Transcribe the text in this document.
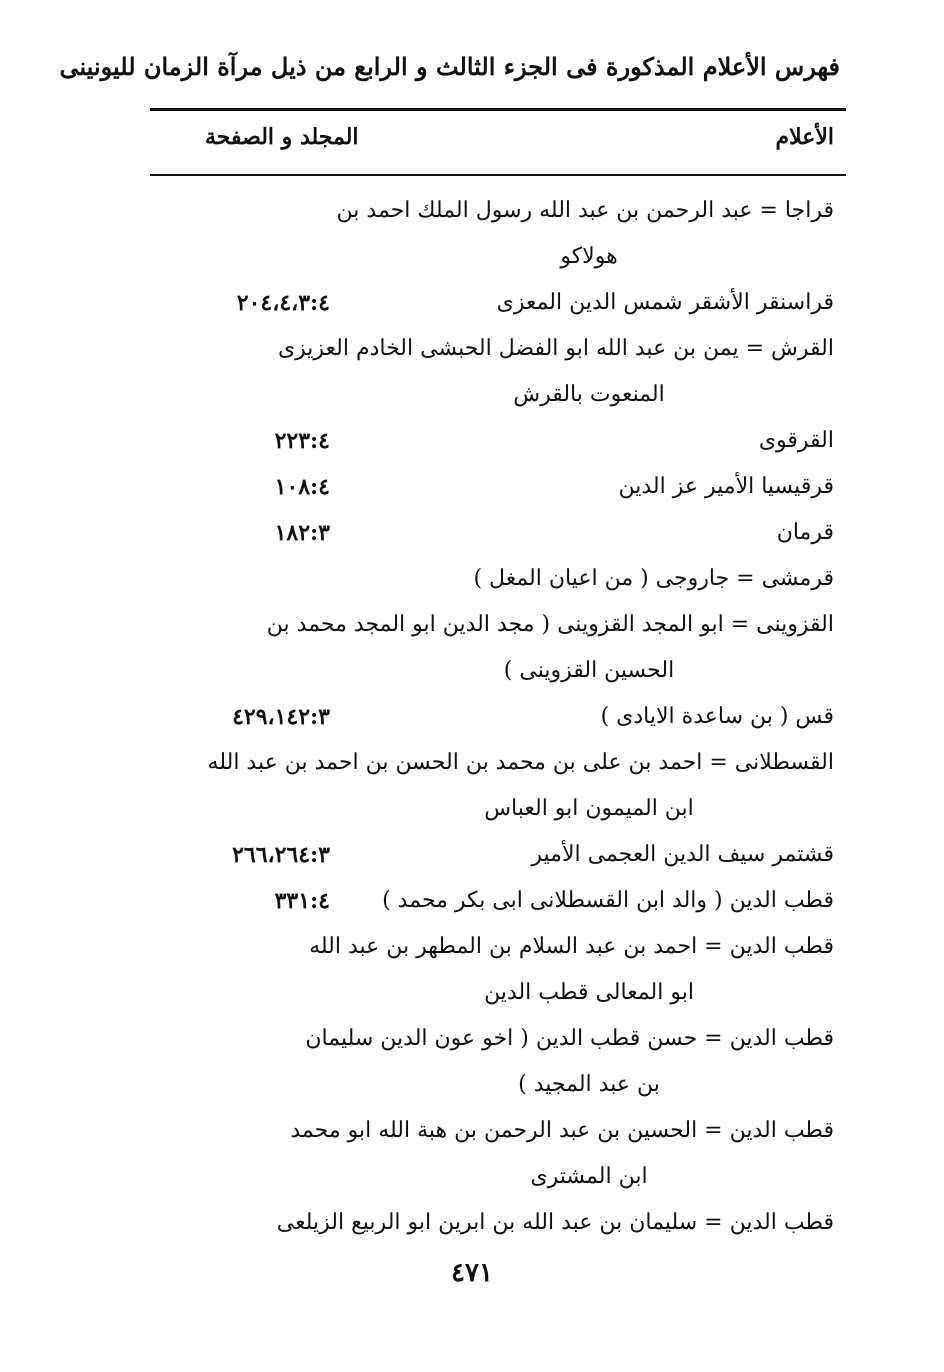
فهرس الأعلام المذكورة فى الجزء الثالث و الرابع من ذيل مرآة الزمان لليونينى
الأعلام
المجلد و الصفحة
قراجا = عبد الرحمن بن عبد الله رسول الملك احمد بن
هولاكو
قراسنقر الأشقر شمس الدين المعزى
٢٠٤،٤،٣:٤
القرش = يمن بن عبد الله ابو الفضل الحبشى الخادم العزيزى
المنعوت بالقرش
القرقوى
٢٢٣:٤
قرقيسيا الأمير عز الدين
١٠٨:٤
قرمان
١٨٢:٣
قرمشى = جاروجى ( من اعيان المغل )
القزوينى = ابو المجد القزوينى ( مجد الدين ابو المجد محمد بن
الحسين القزوينى )
قس ( بن ساعدة الايادى )
٤٢٩،١٤٢:٣
القسطلانى = احمد بن على بن محمد بن الحسن بن احمد بن عبد الله
ابن الميمون ابو العباس
قشتمر سيف الدين العجمى الأمير
٢٦٦،٢٦٤:٣
قطب الدين ( والد ابن القسطلانى ابى بكر محمد )
٣٣١:٤
قطب الدين = احمد بن عبد السلام بن المطهر بن عبد الله
ابو المعالى قطب الدين
قطب الدين = حسن قطب الدين ( اخو عون الدين سليمان
بن عبد المجيد )
قطب الدين = الحسين بن عبد الرحمن بن هبة الله ابو محمد
ابن المشترى
قطب الدين = سليمان بن عبد الله بن ابرين ابو الربيع الزيلعى
٤٧١
